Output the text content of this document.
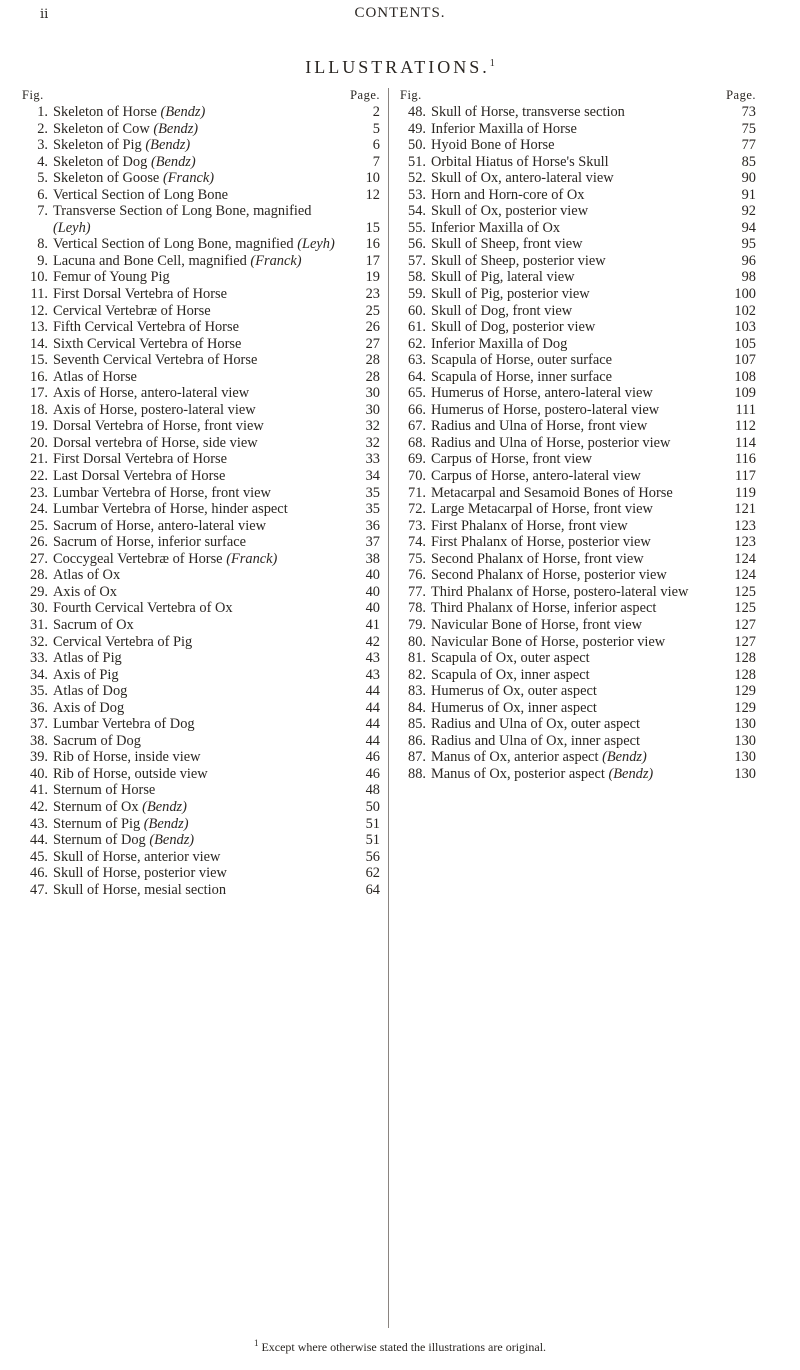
ii	CONTENTS.
ILLUSTRATIONS.$^1$
Fig.	Page.
1. Skeleton of Horse (Bendz)	2
2. Skeleton of Cow (Bendz)	5
3. Skeleton of Pig (Bendz)	6
4. Skeleton of Dog (Bendz)	7
5. Skeleton of Goose (Franck)	10
6. Vertical Section of Long Bone	12
7. Transverse Section of Long Bone, magnified (Leyh)	15
8. Vertical Section of Long Bone, magnified (Leyh)	16
9. Lacuna and Bone Cell, magnified (Franck)	17
10. Femur of Young Pig	19
11. First Dorsal Vertebra of Horse	23
12. Cervical Vertebræ of Horse	25
13. Fifth Cervical Vertebra of Horse	26
14. Sixth Cervical Vertebra of Horse	27
15. Seventh Cervical Vertebra of Horse	28
16. Atlas of Horse	28
17. Axis of Horse, antero-lateral view	30
18. Axis of Horse, postero-lateral view	30
19. Dorsal Vertebra of Horse, front view	32
20. Dorsal vertebra of Horse, side view	32
21. First Dorsal Vertebra of Horse	33
22. Last Dorsal Vertebra of Horse	34
23. Lumbar Vertebra of Horse, front view	35
24. Lumbar Vertebra of Horse, hinder aspect	35
25. Sacrum of Horse, antero-lateral view	36
26. Sacrum of Horse, inferior surface	37
27. Coccygeal Vertebræ of Horse (Franck)	38
28. Atlas of Ox	40
29. Axis of Ox	40
30. Fourth Cervical Vertebra of Ox	40
31. Sacrum of Ox	41
32. Cervical Vertebra of Pig	42
33. Atlas of Pig	43
34. Axis of Pig	43
35. Atlas of Dog	44
36. Axis of Dog	44
37. Lumbar Vertebra of Dog	44
38. Sacrum of Dog	44
39. Rib of Horse, inside view	46
40. Rib of Horse, outside view	46
41. Sternum of Horse	48
42. Sternum of Ox (Bendz)	50
43. Sternum of Pig (Bendz)	51
44. Sternum of Dog (Bendz)	51
45. Skull of Horse, anterior view	56
46. Skull of Horse, posterior view	62
47. Skull of Horse, mesial section	64
Fig.	Page.
48. Skull of Horse, transverse section	73
49. Inferior Maxilla of Horse	75
50. Hyoid Bone of Horse	77
51. Orbital Hiatus of Horse's Skull	85
52. Skull of Ox, antero-lateral view	90
53. Horn and Horn-core of Ox	91
54. Skull of Ox, posterior view	92
55. Inferior Maxilla of Ox	94
56. Skull of Sheep, front view	95
57. Skull of Sheep, posterior view	96
58. Skull of Pig, lateral view	98
59. Skull of Pig, posterior view	100
60. Skull of Dog, front view	102
61. Skull of Dog, posterior view	103
62. Inferior Maxilla of Dog	105
63. Scapula of Horse, outer surface	107
64. Scapula of Horse, inner surface	108
65. Humerus of Horse, antero-lateral view	109
66. Humerus of Horse, postero-lateral view	111
67. Radius and Ulna of Horse, front view	112
68. Radius and Ulna of Horse, posterior view	114
69. Carpus of Horse, front view	116
70. Carpus of Horse, antero-lateral view	117
71. Metacarpal and Sesamoid Bones of Horse	119
72. Large Metacarpal of Horse, front view	121
73. First Phalanx of Horse, front view	123
74. First Phalanx of Horse, posterior view	123
75. Second Phalanx of Horse, front view	124
76. Second Phalanx of Horse, posterior view	124
77. Third Phalanx of Horse, postero-lateral view	125
78. Third Phalanx of Horse, inferior aspect	125
79. Navicular Bone of Horse, front view	127
80. Navicular Bone of Horse, posterior view	127
81. Scapula of Ox, outer aspect	128
82. Scapula of Ox, inner aspect	128
83. Humerus of Ox, outer aspect	129
84. Humerus of Ox, inner aspect	129
85. Radius and Ulna of Ox, outer aspect	130
86. Radius and Ulna of Ox, inner aspect	130
87. Manus of Ox, anterior aspect (Bendz)	130
88. Manus of Ox, posterior aspect (Bendz)	130
$^1$ Except where otherwise stated the illustrations are original.
